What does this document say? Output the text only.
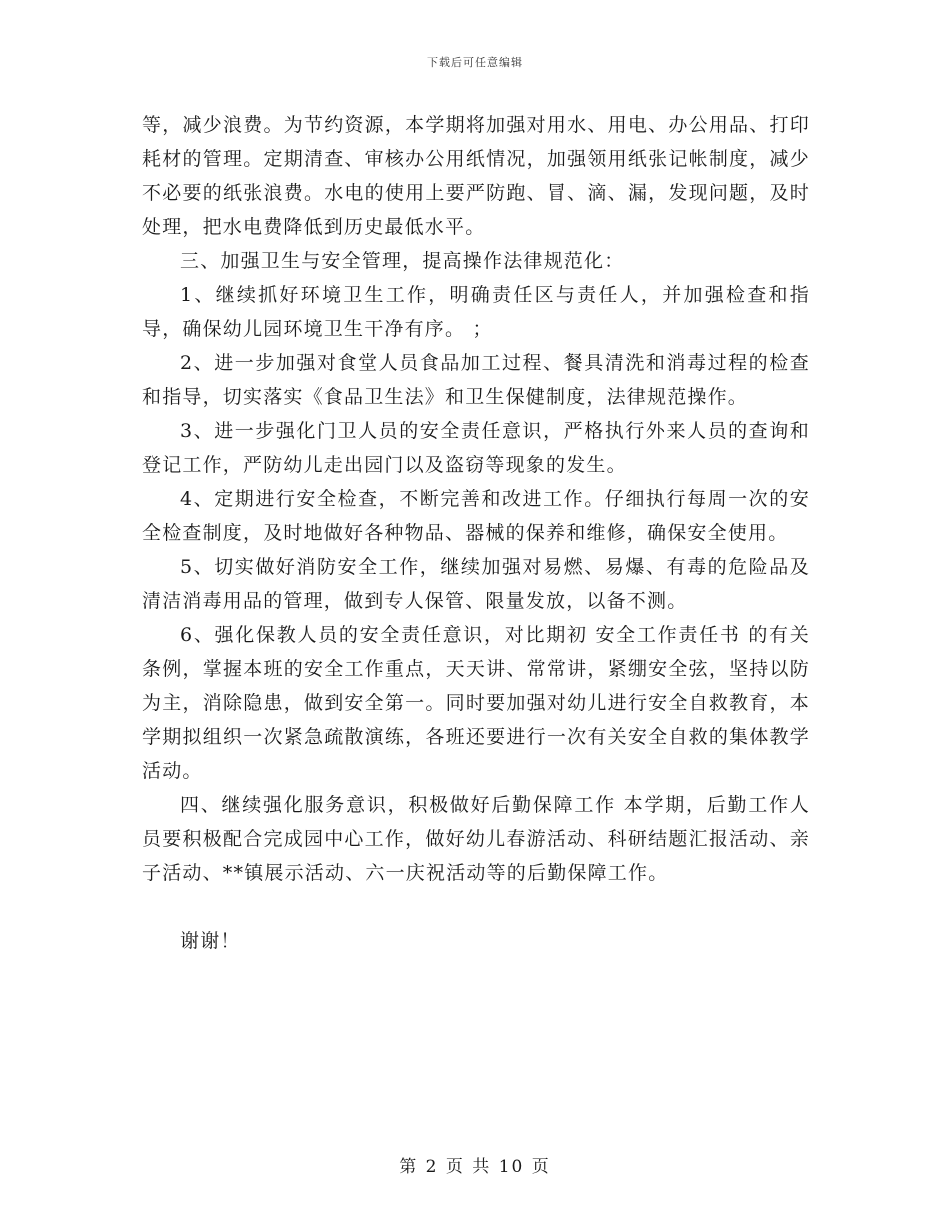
下载后可任意编辑

等，减少浪费。为节约资源，本学期将加强对用水、用电、办公用品、打印耗材的管理。定期清查、审核办公用纸情况，加强领用纸张记帐制度，减少不必要的纸张浪费。水电的使用上要严防跑、冒、滴、漏，发现问题，及时处理，把水电费降低到历史最低水平。

三、加强卫生与安全管理，提高操作法律规范化：

1、继续抓好环境卫生工作，明确责任区与责任人，并加强检查和指导，确保幼儿园环境卫生干净有序。 ；

2、进一步加强对食堂人员食品加工过程、餐具清洗和消毒过程的检查和指导，切实落实《食品卫生法》和卫生保健制度，法律规范操作。

3、进一步强化门卫人员的安全责任意识，严格执行外来人员的查询和登记工作，严防幼儿走出园门以及盗窃等现象的发生。

4、定期进行安全检查，不断完善和改进工作。仔细执行每周一次的安全检查制度，及时地做好各种物品、器械的保养和维修，确保安全使用。

5、切实做好消防安全工作，继续加强对易燃、易爆、有毒的危险品及清洁消毒用品的管理，做到专人保管、限量发放，以备不测。

6、强化保教人员的安全责任意识，对比期初 安全工作责任书 的有关条例，掌握本班的安全工作重点，天天讲、常常讲，紧绷安全弦，坚持以防为主，消除隐患，做到安全第一。同时要加强对幼儿进行安全自救教育，本学期拟组织一次紧急疏散演练，各班还要进行一次有关安全自救的集体教学活动。

四、继续强化服务意识，积极做好后勤保障工作 本学期，后勤工作人员要积极配合完成园中心工作，做好幼儿春游活动、科研结题汇报活动、亲子活动、**镇展示活动、六一庆祝活动等的后勤保障工作。

谢谢！

第 2 页 共 10 页
